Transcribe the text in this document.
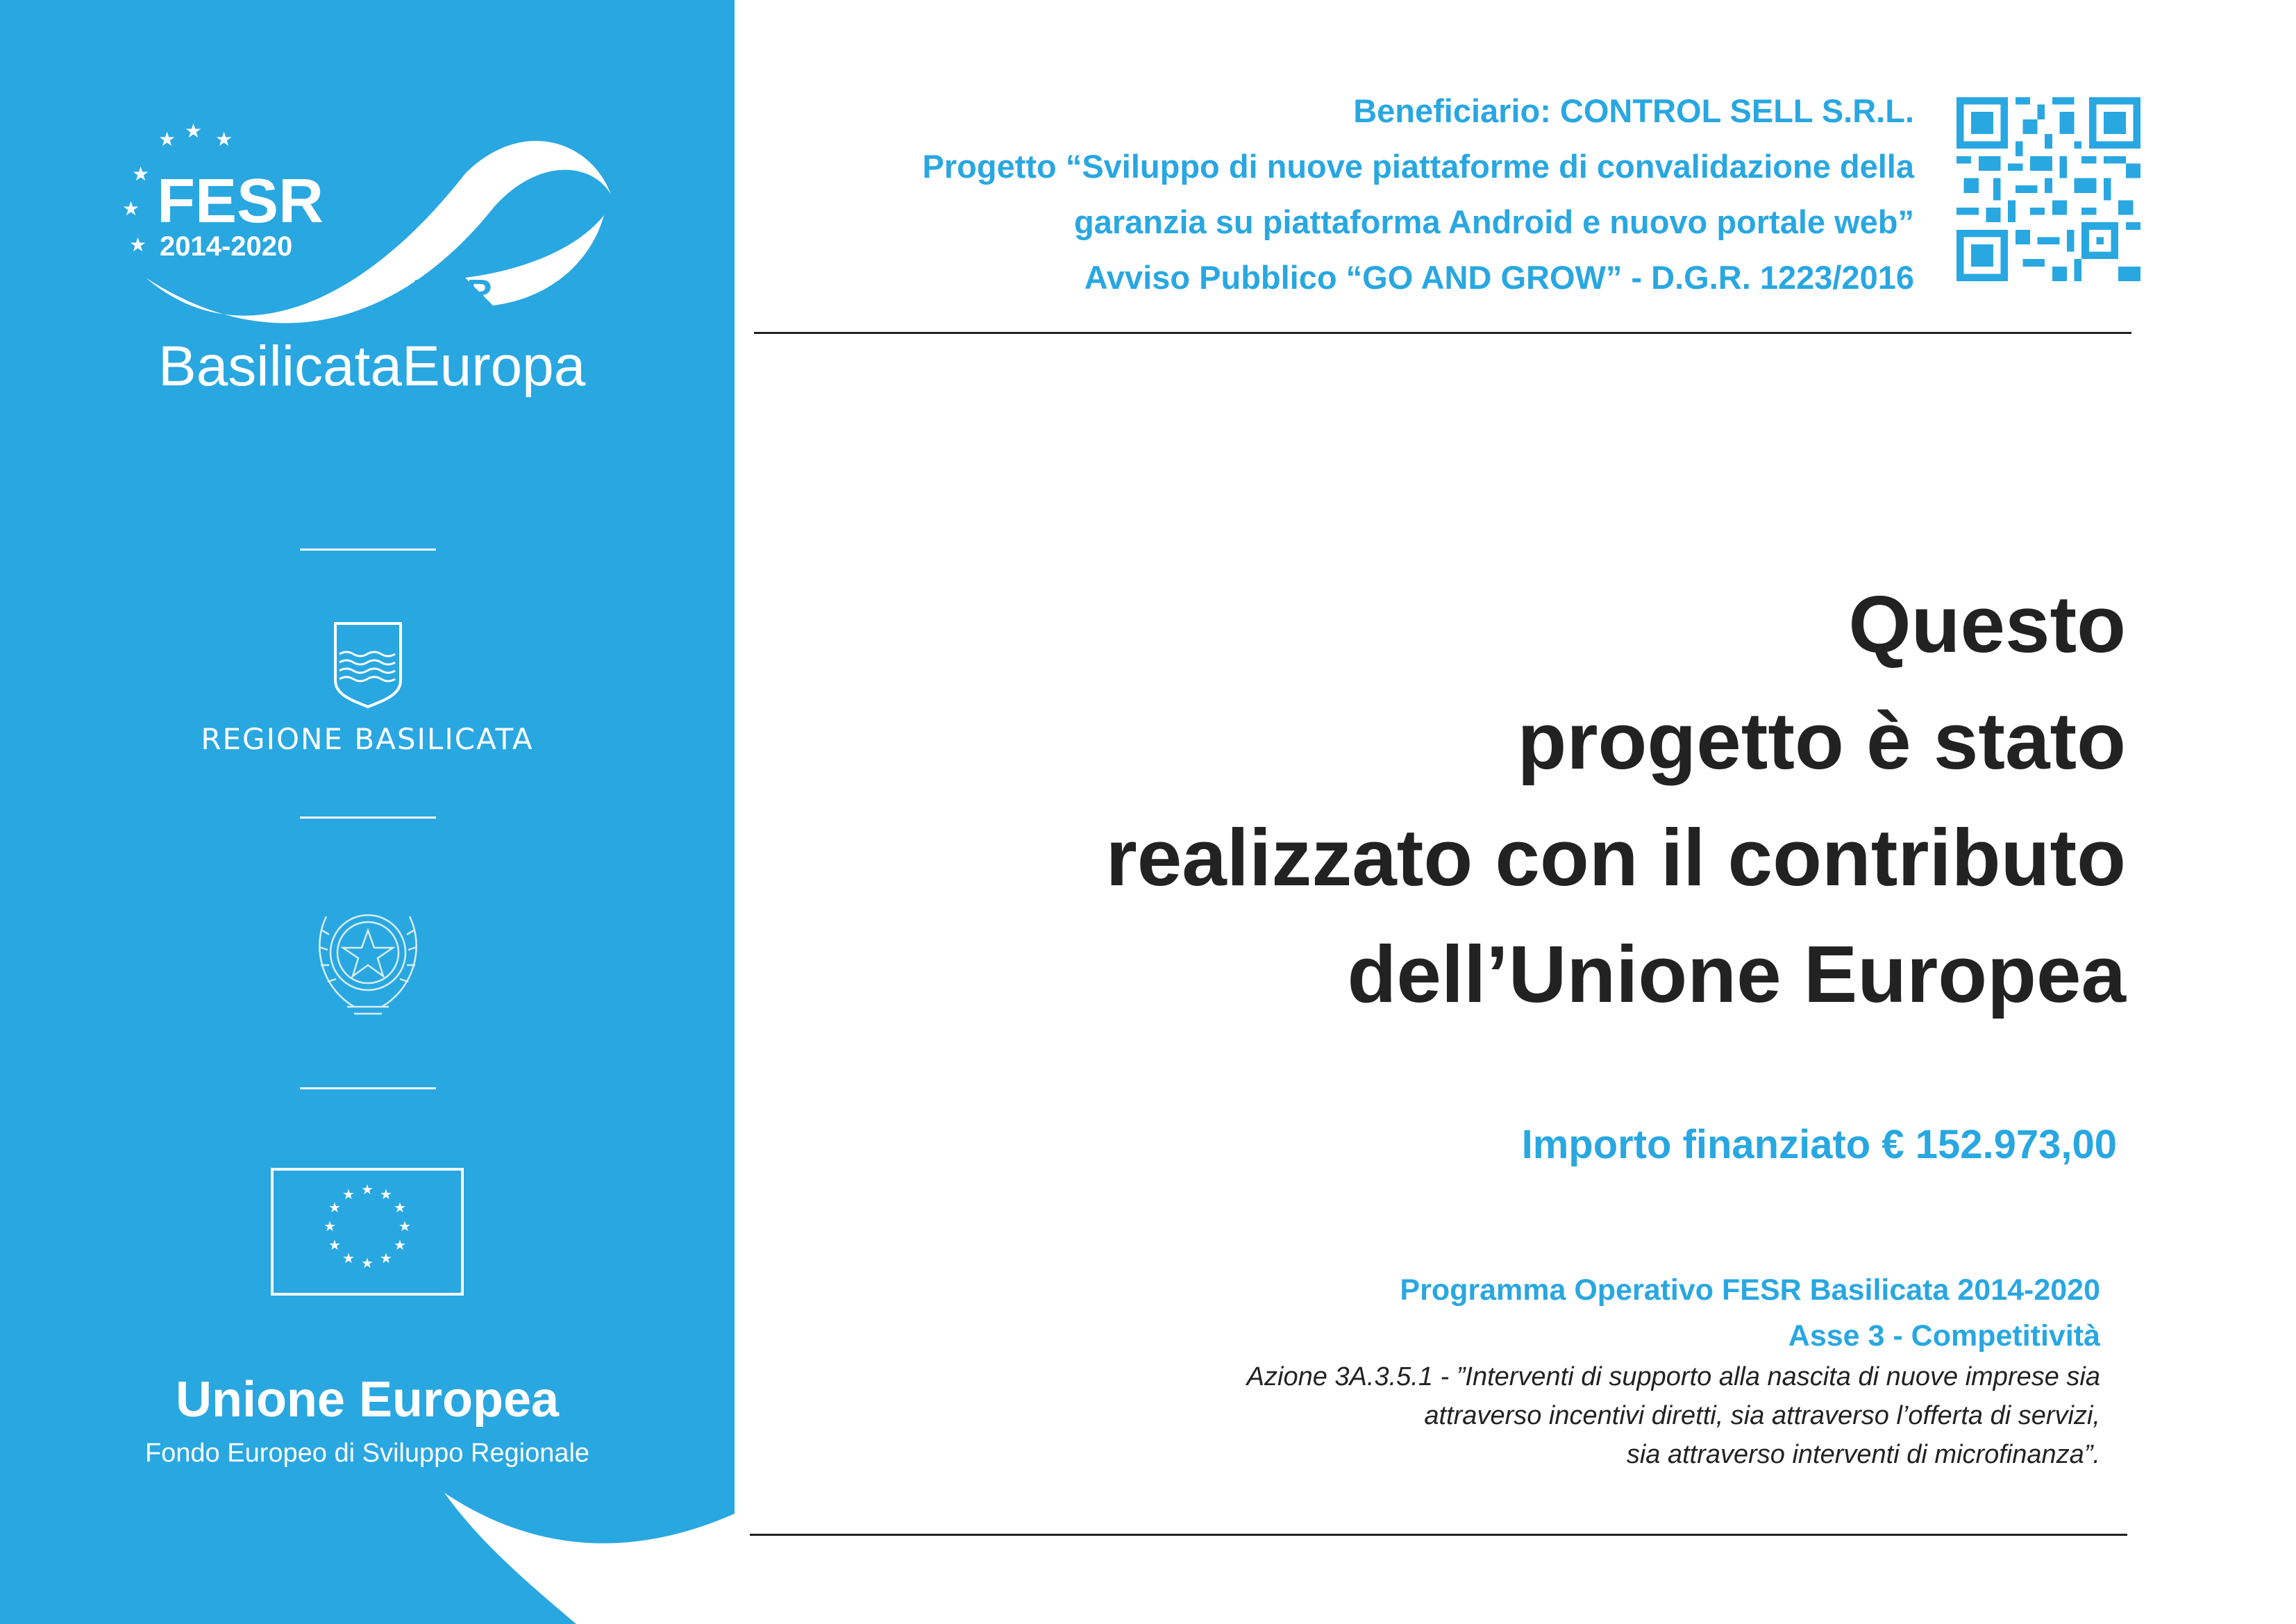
★ ★ ★
★
★
★
FESR
2014-2020
POR
BasilicataEuropa
REGIONE BASILICATA
★ ★
★
★
★
★
★
★
★
★
★
★
Unione Europea
Fondo Europeo di Sviluppo Regionale
Beneficiario: CONTROL SELL S.R.L.
Progetto “Sviluppo di nuove piattaforme di convalidazione della
garanzia su piattaforma Android e nuovo portale web”
Avviso Pubblico “GO AND GROW” - D.G.R. 1223/2016
Questo
progetto è stato
realizzato con il contributo
dell’Unione Europea
Importo finanziato € 152.973,00
Programma Operativo FESR Basilicata 2014-2020
Asse 3 - Competitività
Azione 3A.3.5.1 - ”Interventi di supporto alla nascita di nuove imprese sia
attraverso incentivi diretti, sia attraverso l’offerta di servizi,
sia attraverso interventi di microfinanza”.
